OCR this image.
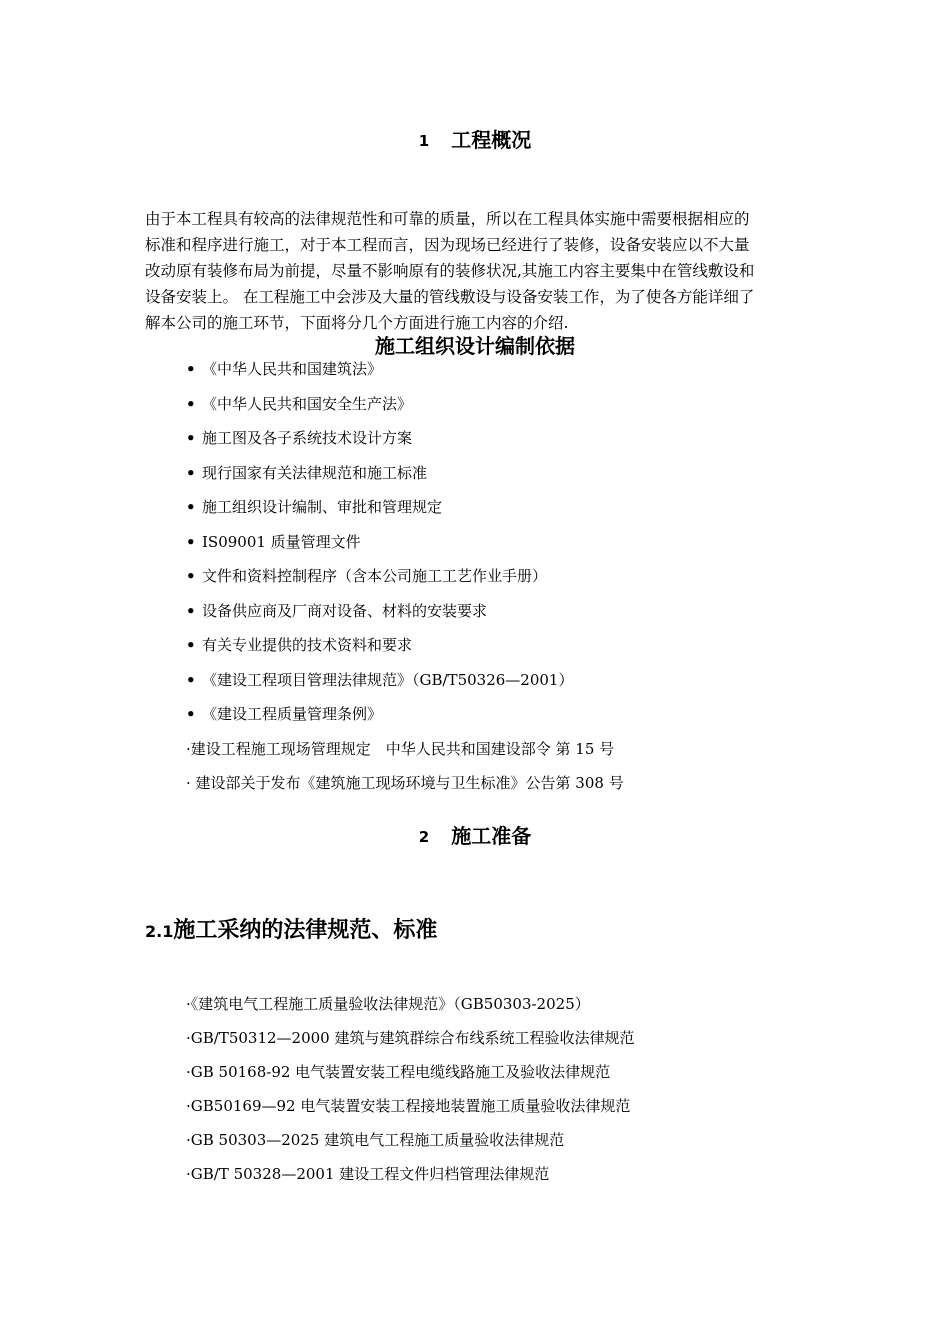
1 工程概况

由于本工程具有较高的法律规范性和可靠的质量，所以在工程具体实施中需要根据相应的

标准和程序进行施工，对于本工程而言，因为现场已经进行了装修，设备安装应以不大量

改动原有装修布局为前提，尽量不影响原有的装修状况,其施工内容主要集中在管线敷设和

设备安装上。 在工程施工中会涉及大量的管线敷设与设备安装工作，为了使各方能详细了

解本公司的施工环节，下面将分几个方面进行施工内容的介绍.

施工组织设计编制依据
• 《中华人民共和国建筑法》
• 《中华人民共和国安全生产法》
• 施工图及各子系统技术设计方案
• 现行国家有关法律规范和施工标准
• 施工组织设计编制、审批和管理规定
• IS09001 质量管理文件
• 文件和资料控制程序（含本公司施工工艺作业手册）
• 设备供应商及厂商对设备、材料的安装要求
• 有关专业提供的技术资料和要求
• 《建设工程项目管理法律规范》（GB/T50326—2001）
• 《建设工程质量管理条例》
·建设工程施工现场管理规定　中华人民共和国建设部令 第 15 号
· 建设部关于发布《建筑施工现场环境与卫生标准》公告第 308 号
2 施工准备
2.1施工采纳的法律规范、标准
·《建筑电气工程施工质量验收法律规范》（GB50303-2025）
·GB/T50312—2000 建筑与建筑群综合布线系统工程验收法律规范
·GB 50168-92 电气装置安装工程电缆线路施工及验收法律规范
·GB50169—92 电气装置安装工程接地装置施工质量验收法律规范
·GB 50303—2025 建筑电气工程施工质量验收法律规范
·GB/T 50328—2001 建设工程文件归档管理法律规范
